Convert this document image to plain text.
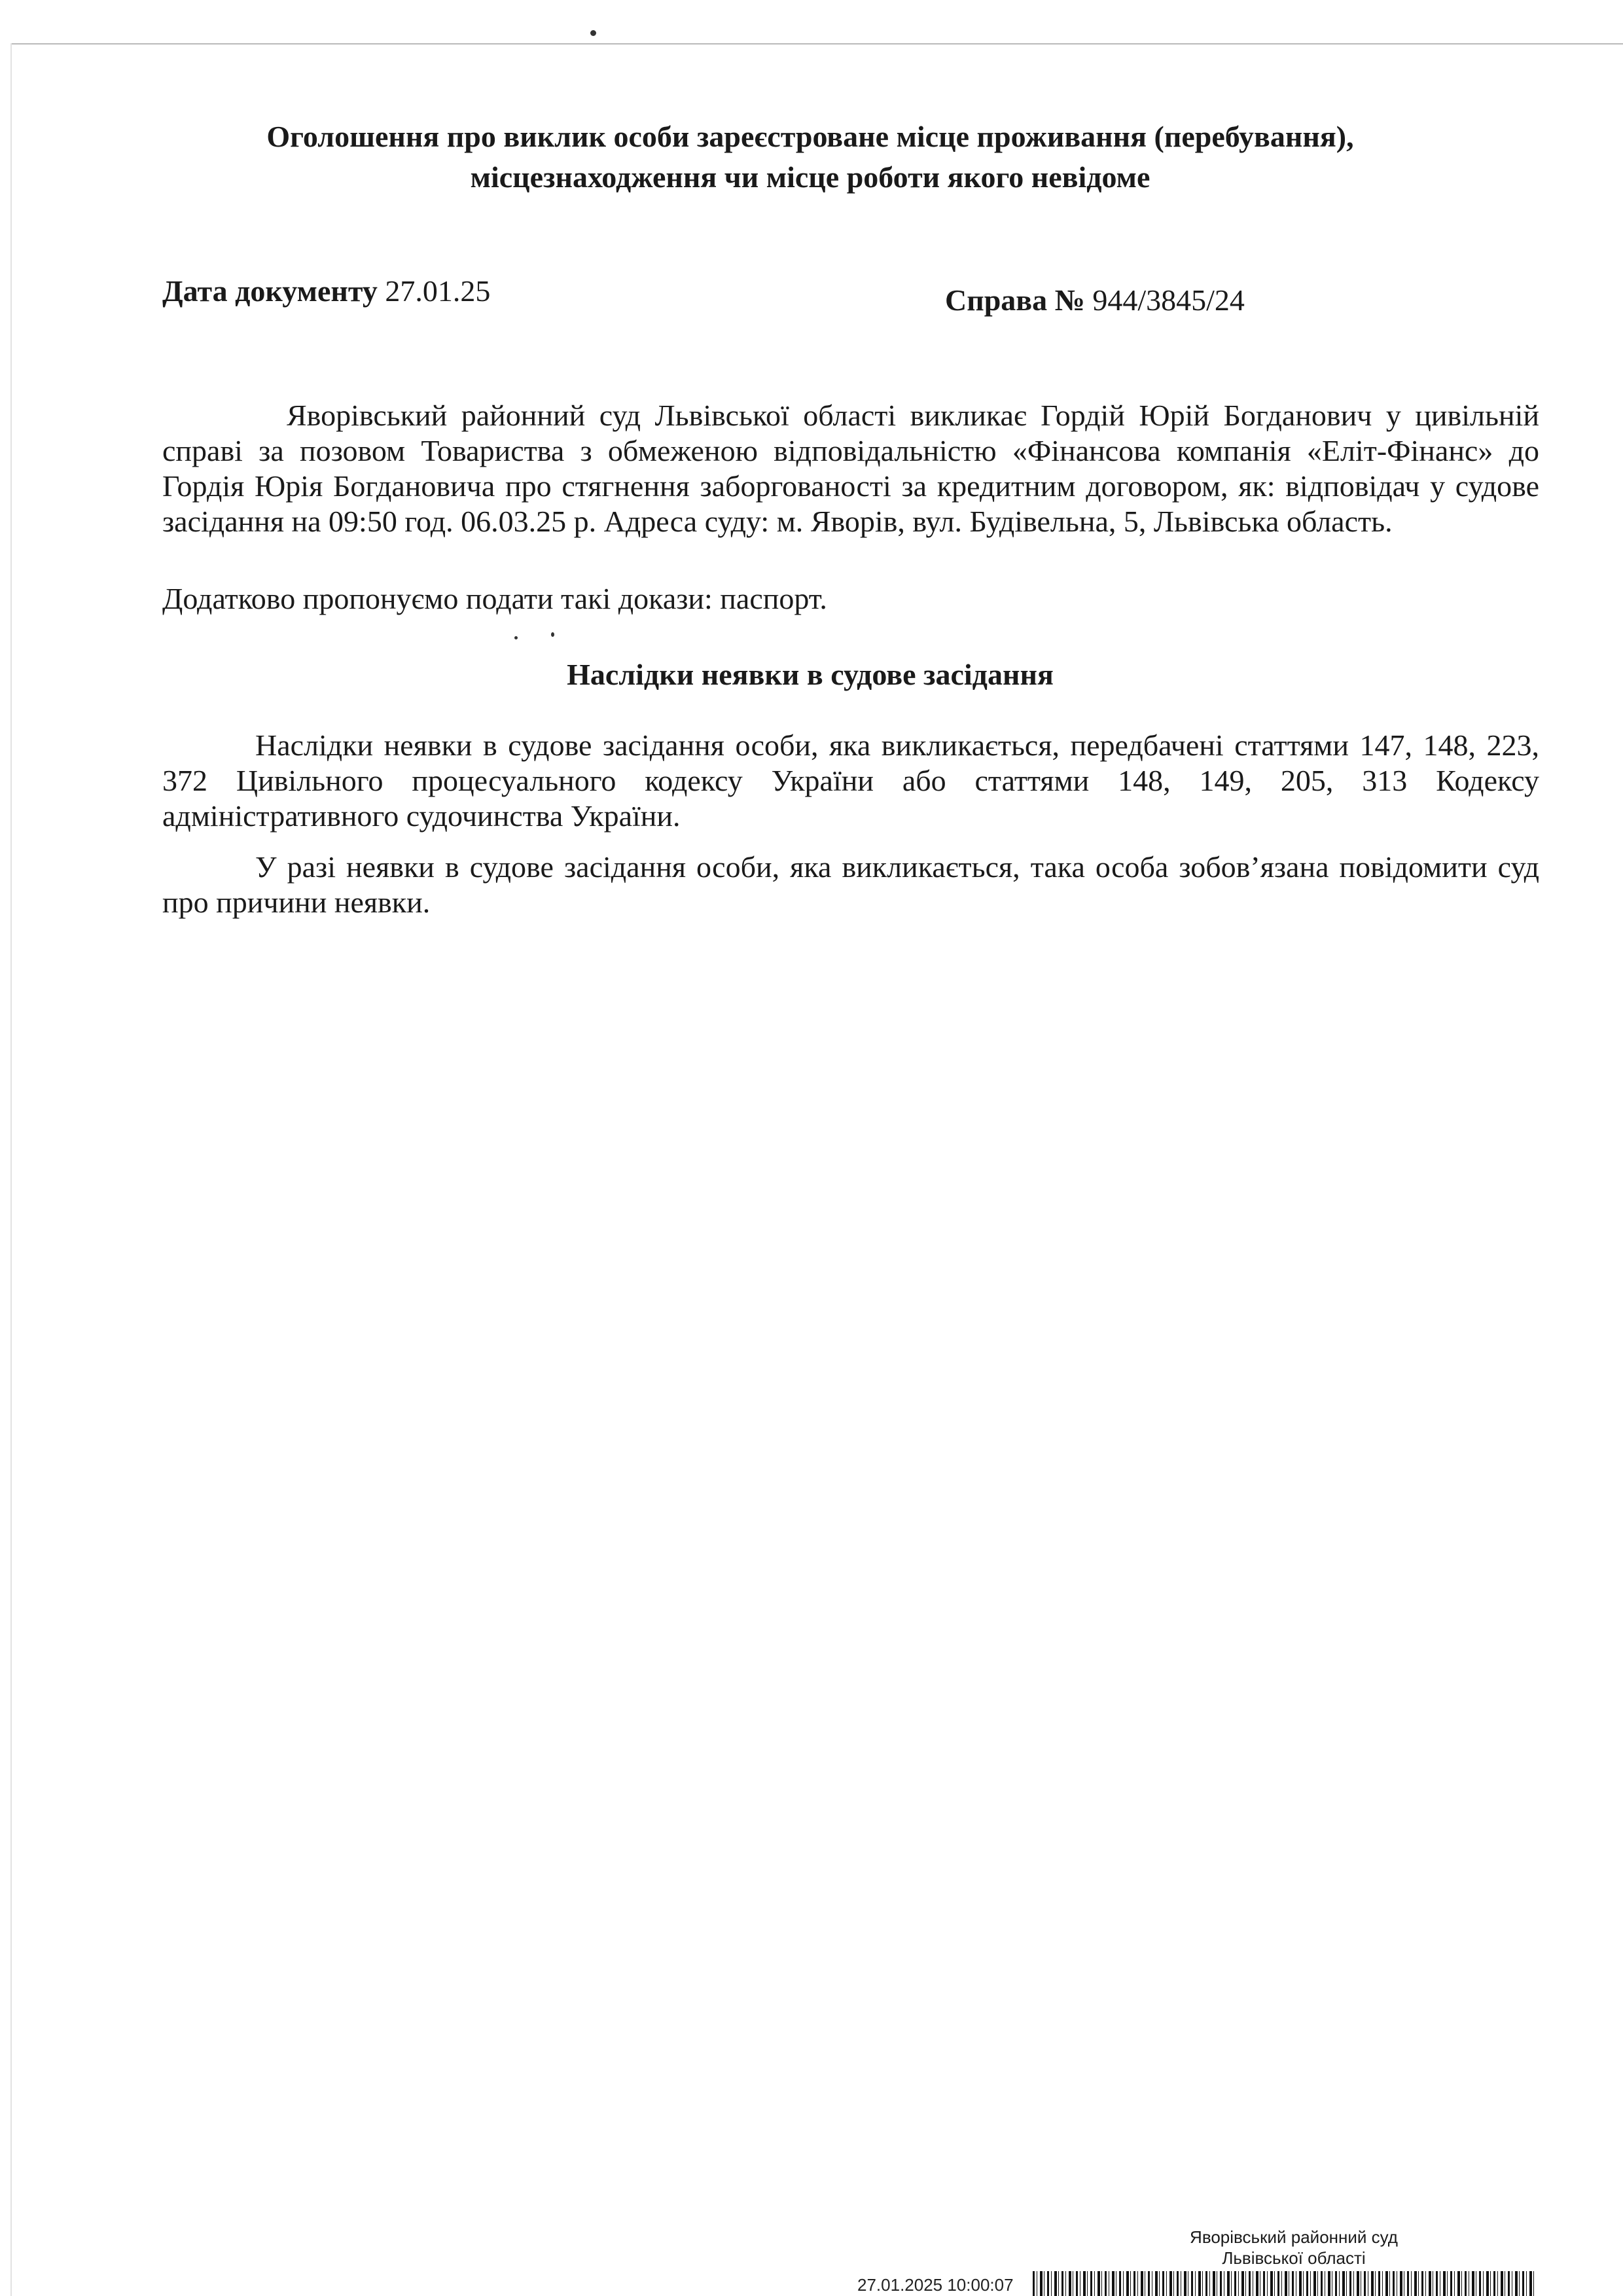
Оголошення про виклик особи зареєстроване місце проживання (перебування),
місцезнаходження чи місце роботи якого невідоме
Дата документу 27.01.25	Справа № 944/3845/24
Яворівський районний суд Львівської області викликає Гордій Юрій Богданович у цивільній справі за позовом Товариства з обмеженою відповідальністю «Фінансова компанія «Еліт-Фінанс» до Гордія Юрія Богдановича про стягнення заборгованості за кредитним договором, як: відповідач у судове засідання на 09:50 год. 06.03.25 р. Адреса суду: м. Яворів, вул. Будівельна, 5, Львівська область.
Додатково пропонуємо подати такі докази: паспорт.
Наслідки неявки в судове засідання
Наслідки неявки в судове засідання особи, яка викликається, передбачені статтями 147, 148, 223, 372 Цивільного процесуального кодексу України або статтями 148, 149, 205, 313 Кодексу адміністративного судочинства України.
У разі неявки в судове засідання особи, яка викликається, така особа зобов’язана повідомити суд про причини неявки.
Яворівський районний суд
Львівської області
27.01.2025 10:00:07
